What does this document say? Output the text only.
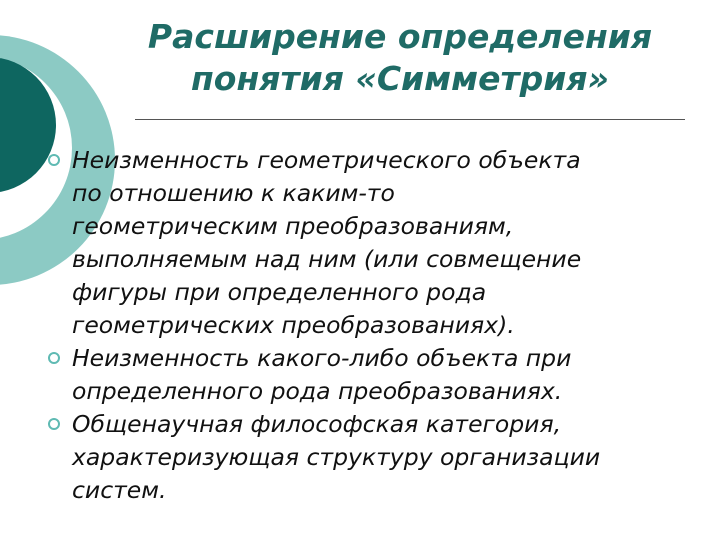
Расширение определения
понятия «Симметрия»
Неизменность геометрического объекта
по отношению к каким-то
геометрическим преобразованиям,
выполняемым над ним (или совмещение
фигуры при определенного рода
геометрических преобразованиях).
Неизменность какого-либо объекта при
определенного рода преобразованиях.
Общенаучная философская категория,
характеризующая структуру организации
систем.
